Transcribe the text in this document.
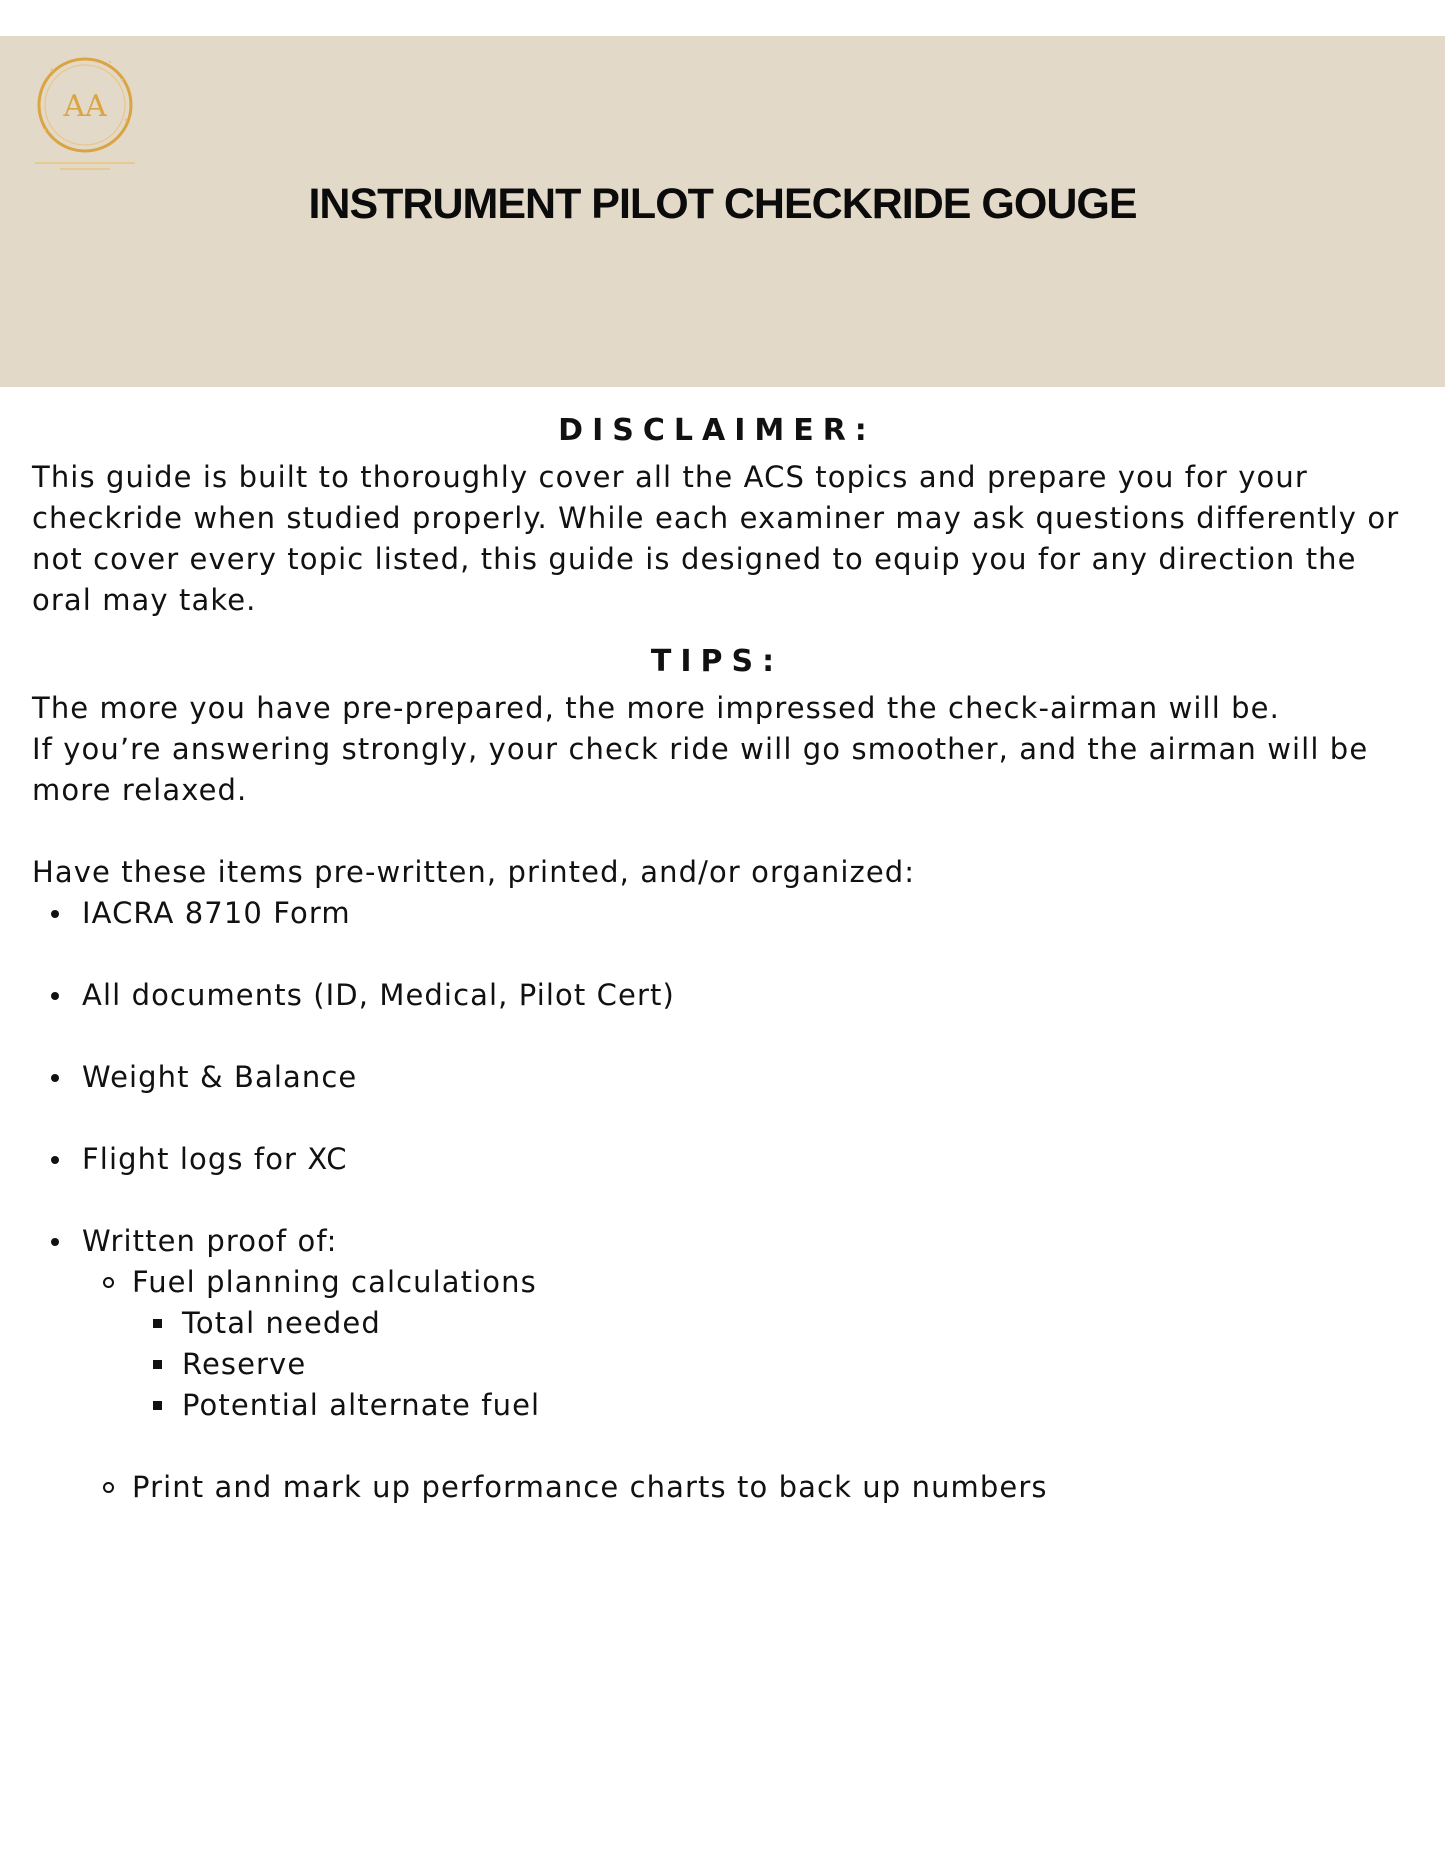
AA
INSTRUMENT PILOT CHECKRIDE GOUGE

DISCLAIMER:

This guide is built to thoroughly cover all the ACS topics and prepare you for your checkride when studied properly. While each examiner may ask questions differently or not cover every topic listed, this guide is designed to equip you for any direction the oral may take.

TIPS:

The more you have pre-prepared, the more impressed the check-airman will be.

If you’re answering strongly, your check ride will go smoother, and the airman will be more relaxed.

Have these items pre-written, printed, and/or organized:

IACRA 8710 Form
All documents (ID, Medical, Pilot Cert)
Weight & Balance
Flight logs for XC
Written proof of:
Fuel planning calculations
Total needed
Reserve
Potential alternate fuel
Print and mark up performance charts to back up numbers
